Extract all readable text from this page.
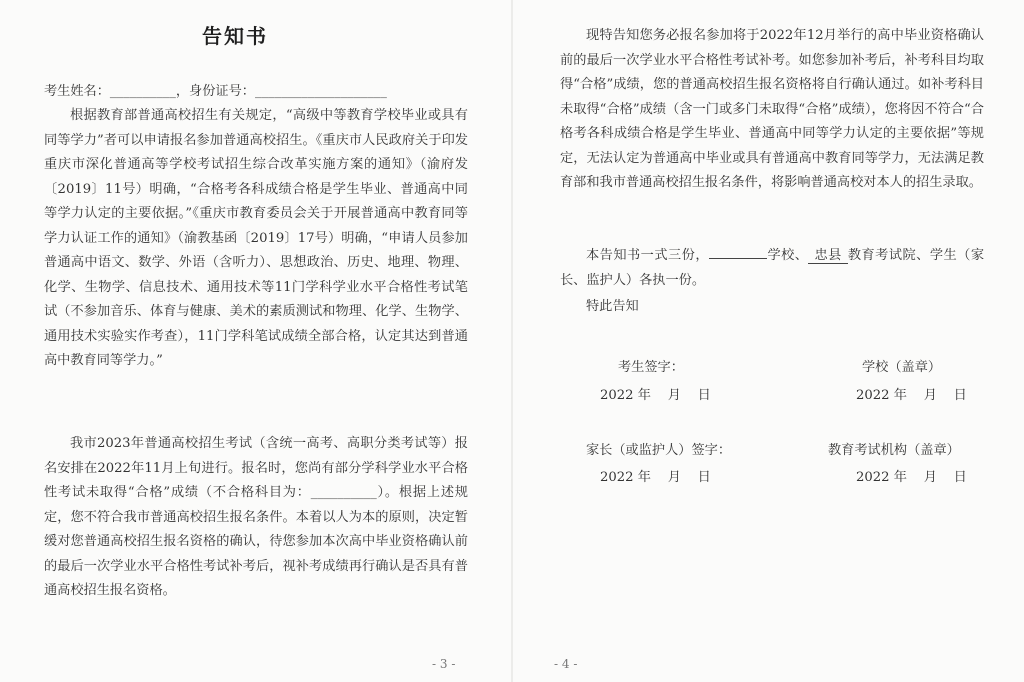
告知书
考生姓名：__________，身份证号：____________________

根据教育部普通高校招生有关规定，“高级中等教育学校毕业或具有同等学力”者可以申请报名参加普通高校招生。《重庆市人民政府关于印发重庆市深化普通高等学校考试招生综合改革实施方案的通知》（渝府发〔2019〕11号）明确，“合格考各科成绩合格是学生毕业、普通高中同等学力认定的主要依据。”《重庆市教育委员会关于开展普通高中教育同等学力认证工作的通知》（渝教基函〔2019〕17号）明确，“申请人员参加普通高中语文、数学、外语（含听力）、思想政治、历史、地理、物理、化学、生物学、信息技术、通用技术等11门学科学业水平合格性考试笔试（不参加音乐、体育与健康、美术的素质测试和物理、化学、生物学、通用技术实验实作考查），11门学科笔试成绩全部合格，认定其达到普通高中教育同等学力。”

我市2023年普通高校招生考试（含统一高考、高职分类考试等）报名安排在2022年11月上旬进行。报名时，您尚有部分学科学业水平合格性考试未取得“合格”成绩（不合格科目为：__________）。根据上述规定，您不符合我市普通高校招生报名条件。本着以人为本的原则，决定暂缓对您普通高校招生报名资格的确认，待您参加本次高中毕业资格确认前的最后一次学业水平合格性考试补考后，视补考成绩再行确认是否具有普通高校招生报名资格。

- 3 -

现特告知您务必报名参加将于2022年12月举行的高中毕业资格确认前的最后一次学业水平合格性考试补考。如您参加补考后，补考科目均取得“合格”成绩，您的普通高校招生报名资格将自行确认通过。如补考科目未取得“合格”成绩（含一门或多门未取得“合格”成绩），您将因不符合“合格考各科成绩合格是学生毕业、普通高中同等学力认定的主要依据”等规定，无法认定为普通高中毕业或具有普通高中教育同等学力，无法满足教育部和我市普通高校招生报名条件，将影响普通高校对本人的招生录取。

本告知书一式三份，	学校、 忠县 教育考试院、学生（家长、监护人）各执一份。

特此告知
考生签字：	学校（盖章）
2022 年    月    日	2022 年    月    日
家长（或监护人）签字：	教育考试机构（盖章）
2022 年    月    日	2022 年    月    日
- 4 -
